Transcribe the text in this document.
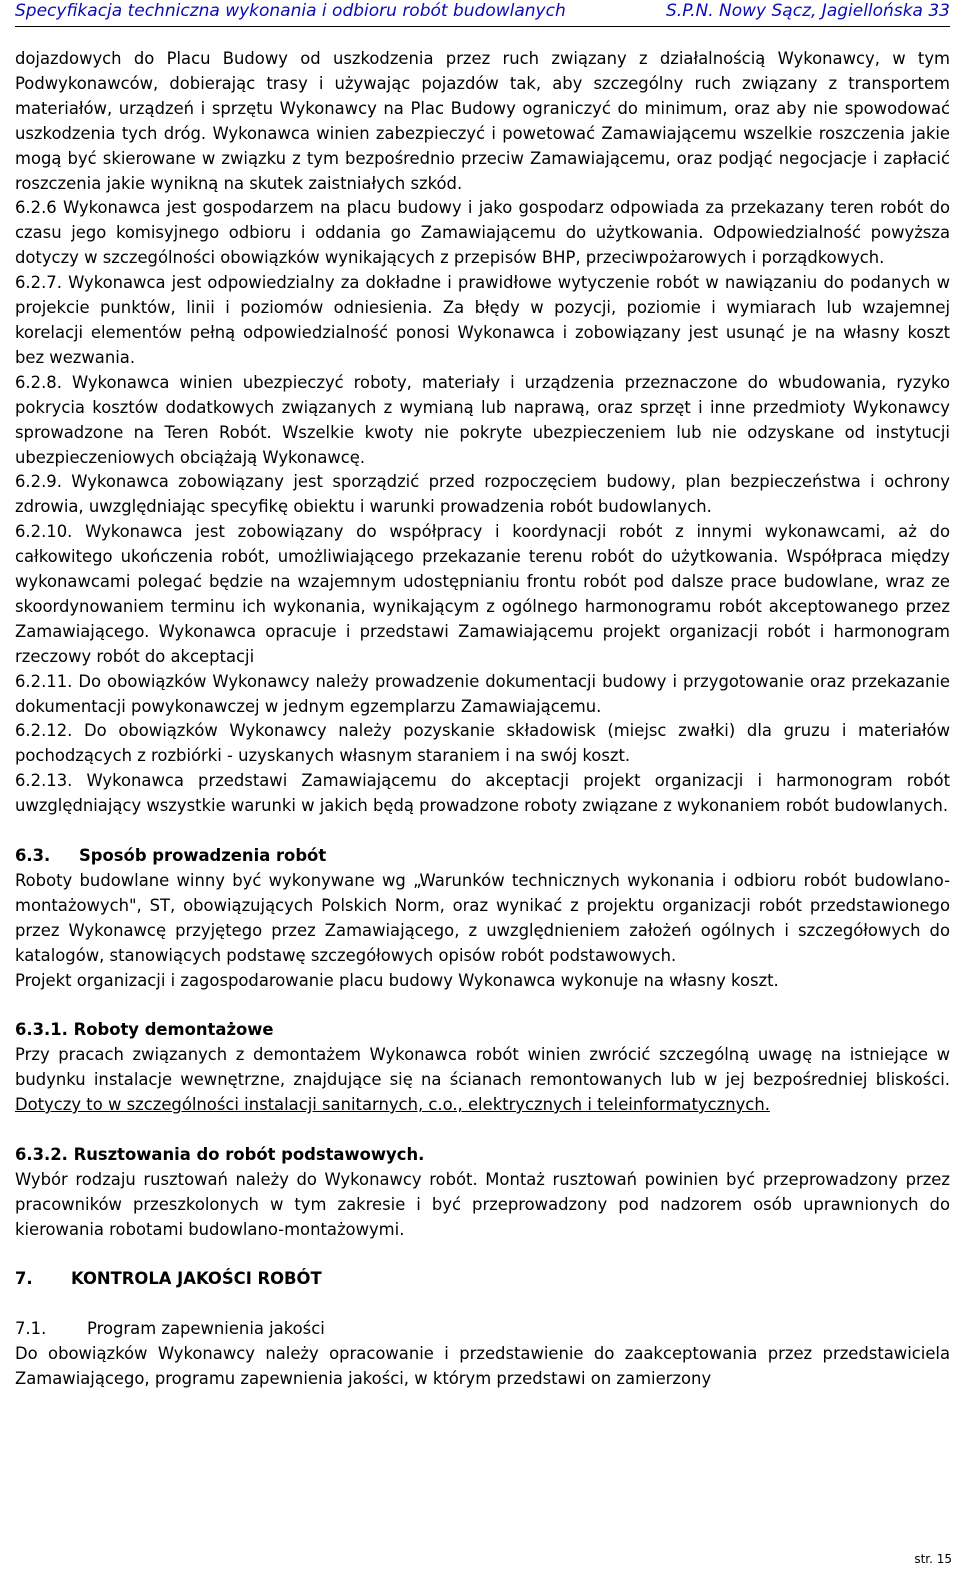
Specyfikacja techniczna wykonania i odbioru robót budowlanych	S.P.N. Nowy Sącz, Jagiellońska 33

dojazdowych do Placu Budowy od uszkodzenia przez ruch związany z działalnością Wykonawcy, w tym Podwykonawców, dobierając trasy i używając pojazdów tak, aby szczególny ruch związany z transportem materiałów, urządzeń i sprzętu Wykonawcy na Plac Budowy ograniczyć do minimum, oraz aby nie spowodować uszkodzenia tych dróg. Wykonawca winien zabezpieczyć i powetować Zamawiającemu wszelkie roszczenia jakie mogą być skierowane w związku z tym bezpośrednio przeciw Zamawiającemu, oraz podjąć negocjacje i zapłacić roszczenia jakie wynikną na skutek zaistniałych szkód.

6.2.6 Wykonawca jest gospodarzem na placu budowy i jako gospodarz odpowiada za przekazany teren robót do czasu jego komisyjnego odbioru i oddania go Zamawiającemu do użytkowania. Odpowiedzialność powyższa dotyczy w szczególności obowiązków wynikających z przepisów BHP, przeciwpożarowych i porządkowych.

6.2.7. Wykonawca jest odpowiedzialny za dokładne i prawidłowe wytyczenie robót w nawiązaniu do podanych w projekcie punktów, linii i poziomów odniesienia. Za błędy w pozycji, poziomie i wymiarach lub wzajemnej korelacji elementów pełną odpowiedzialność ponosi Wykonawca i zobowiązany jest usunąć je na własny koszt bez wezwania.

6.2.8. Wykonawca winien ubezpieczyć roboty, materiały i urządzenia przeznaczone do wbudowania, ryzyko pokrycia kosztów dodatkowych związanych z wymianą lub naprawą, oraz sprzęt i inne przedmioty Wykonawcy sprowadzone na Teren Robót. Wszelkie kwoty nie pokryte ubezpieczeniem lub nie odzyskane od instytucji ubezpieczeniowych obciążają Wykonawcę.

6.2.9. Wykonawca zobowiązany jest sporządzić przed rozpoczęciem budowy, plan bezpieczeństwa i ochrony zdrowia, uwzględniając specyfikę obiektu i warunki prowadzenia robót budowlanych.

6.2.10. Wykonawca jest zobowiązany do współpracy i koordynacji robót z innymi wykonawcami, aż do całkowitego ukończenia robót, umożliwiającego przekazanie terenu robót do użytkowania. Współpraca między wykonawcami polegać będzie na wzajemnym udostępnianiu frontu robót pod dalsze prace budowlane, wraz ze skoordynowaniem terminu ich wykonania, wynikającym z ogólnego harmonogramu robót akceptowanego przez Zamawiającego. Wykonawca opracuje i przedstawi Zamawiającemu projekt organizacji robót i harmonogram rzeczowy robót do akceptacji

6.2.11. Do obowiązków Wykonawcy należy prowadzenie dokumentacji budowy i przygotowanie oraz przekazanie dokumentacji powykonawczej w jednym egzemplarzu Zamawiającemu.

6.2.12. Do obowiązków Wykonawcy należy pozyskanie składowisk (miejsc zwałki) dla gruzu i materiałów pochodzących z rozbiórki - uzyskanych własnym staraniem i na swój koszt.

6.2.13. Wykonawca przedstawi Zamawiającemu do akceptacji projekt organizacji i harmonogram robót uwzględniający wszystkie warunki w jakich będą prowadzone roboty związane z wykonaniem robót budowlanych.

6.3. Sposób prowadzenia robót

Roboty budowlane winny być wykonywane wg „Warunków technicznych wykonania i odbioru robót budowlano-montażowych", ST, obowiązujących Polskich Norm, oraz wynikać z projektu organizacji robót przedstawionego przez Wykonawcę przyjętego przez Zamawiającego, z uwzględnieniem założeń ogólnych i szczegółowych do katalogów, stanowiących podstawę szczegółowych opisów robót podstawowych.

Projekt organizacji i zagospodarowanie placu budowy Wykonawca wykonuje na własny koszt.

6.3.1. Roboty demontażowe

Przy pracach związanych z demontażem Wykonawca robót winien zwrócić szczególną uwagę na istniejące w budynku instalacje wewnętrzne, znajdujące się na ścianach remontowanych lub w jej bezpośredniej bliskości. Dotyczy to w szczególności instalacji sanitarnych, c.o., elektrycznych i teleinformatycznych.

6.3.2. Rusztowania do robót podstawowych.

Wybór rodzaju rusztowań należy do Wykonawcy robót. Montaż rusztowań powinien być przeprowadzony przez pracowników przeszkolonych w tym zakresie i być przeprowadzony pod nadzorem osób uprawnionych do kierowania robotami budowlano-montażowymi.

7. KONTROLA JAKOŚCI ROBÓT

7.1. Program zapewnienia jakości

Do obowiązków Wykonawcy należy opracowanie i przedstawienie do zaakceptowania przez przedstawiciela Zamawiającego, programu zapewnienia jakości, w którym przedstawi on zamierzony

str. 15
